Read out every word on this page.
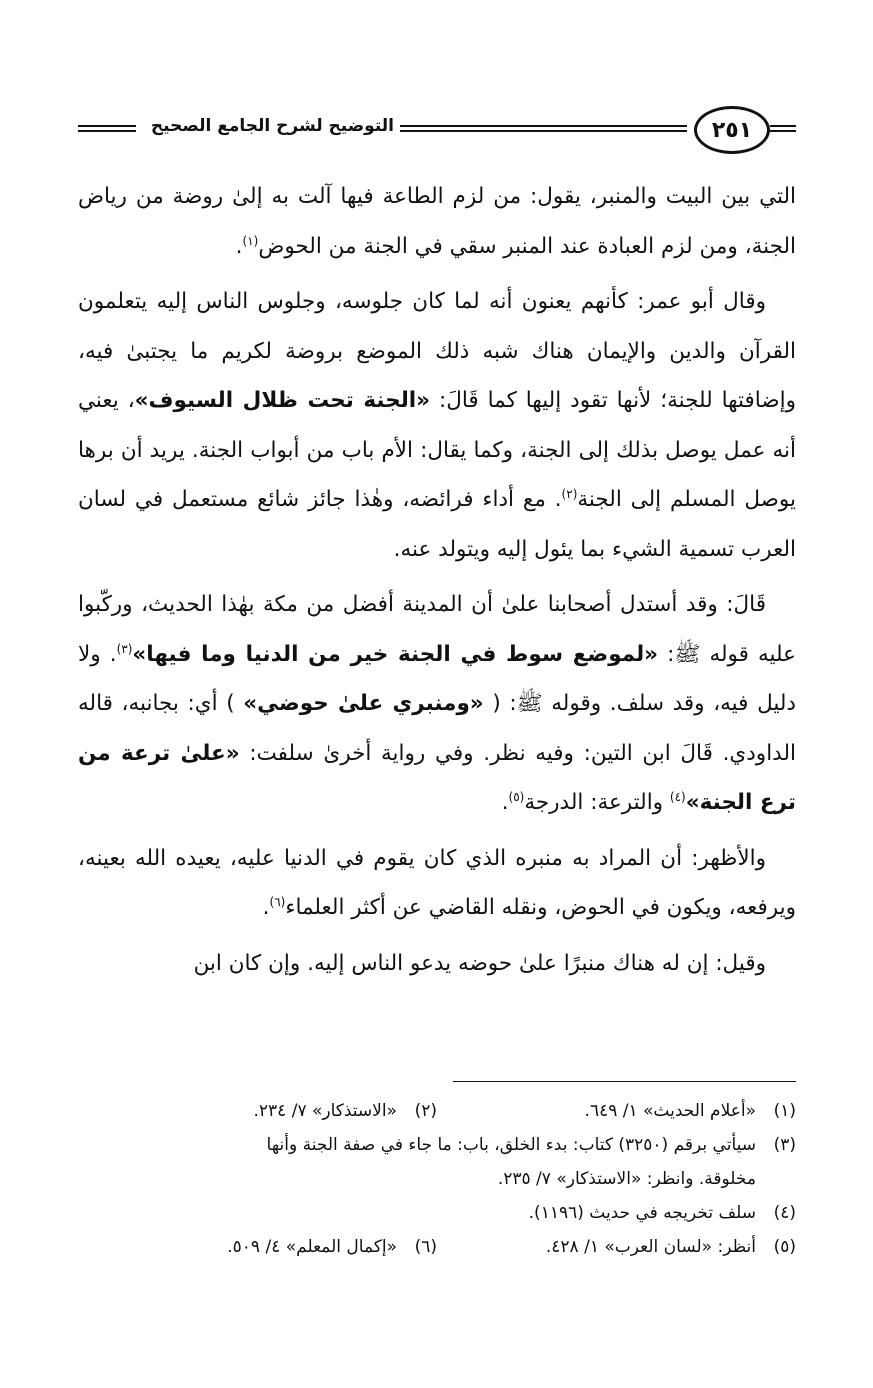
التوضيح لشرح الجامع الصحيح	٢٥١

التي بين البيت والمنبر، يقول: من لزم الطاعة فيها آلت به إلىٰ روضة من رياض الجنة، ومن لزم العبادة عند المنبر سقي في الجنة من الحوض$^{(١)}$.

وقال أبو عمر: كأنهم يعنون أنه لما كان جلوسه، وجلوس الناس إليه يتعلمون القرآن والدين والإيمان هناك شبه ذلك الموضع بروضة لكريم ما يجتبىٰ فيه، وإضافتها للجنة؛ لأنها تقود إليها كما قَالَ: «الجنة تحت ظلال السيوف»، يعني أنه عمل يوصل بذلك إلى الجنة، وكما يقال: الأم باب من أبواب الجنة. يريد أن برها يوصل المسلم إلى الجنة$^{(٢)}$. مع أداء فرائضه، وهٰذا جائز شائع مستعمل في لسان العرب تسمية الشيء بما يئول إليه ويتولد عنه.

قَالَ: وقد أستدل أصحابنا علىٰ أن المدينة أفضل من مكة بهٰذا الحديث، وركّبوا عليه قوله ﷺ: «لموضع سوط في الجنة خير من الدنيا وما فيها»$^{(٣)}$. ولا دليل فيه، وقد سلف. وقوله ﷺ: ( «ومنبري علىٰ حوضي» ) أي: بجانبه، قاله الداودي. قَالَ ابن التين: وفيه نظر. وفي رواية أخرىٰ سلفت: «علىٰ ترعة من ترع الجنة»$^{(٤)}$ والترعة: الدرجة$^{(٥)}$.

والأظهر: أن المراد به منبره الذي كان يقوم في الدنيا عليه، يعيده الله بعينه، ويرفعه، ويكون في الحوض، ونقله القاضي عن أكثر العلماء$^{(٦)}$.

وقيل: إن له هناك منبرًا علىٰ حوضه يدعو الناس إليه. وإن كان ابن

(١)«أعلام الحديث» ١/ ٦٤٩.
(٢)«الاستذكار» ٧/ ٢٣٤.
(٣)سيأتي برقم (٣٢٥٠) كتاب: بدء الخلق، باب: ما جاء في صفة الجنة وأنها
مخلوقة. وانظر: «الاستذكار» ٧/ ٢٣٥.
(٤)سلف تخريجه في حديث (١١٩٦).
(٥)أنظر: «لسان العرب» ١/ ٤٢٨.
(٦)«إكمال المعلم» ٤/ ٥٠٩.
